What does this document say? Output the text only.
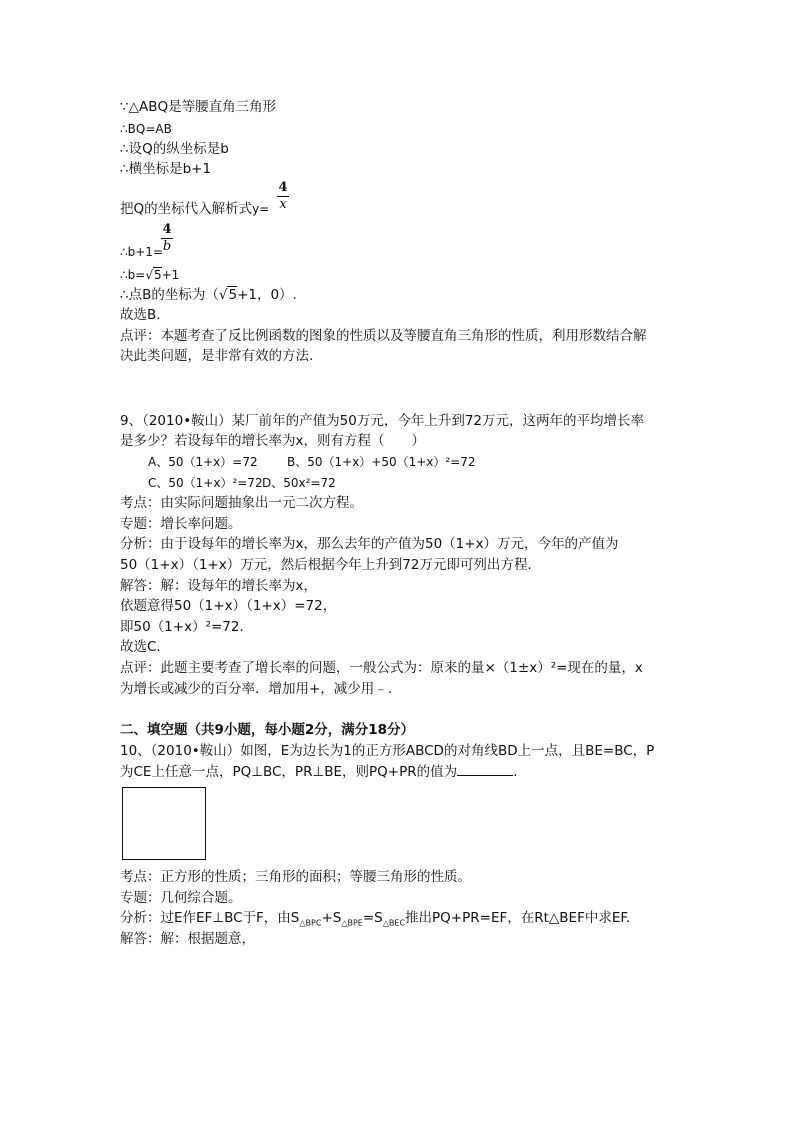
∵△ABQ是等腰直角三角形
∴BQ=AB
∴设Q的纵坐标是b
∴横坐标是b+1
把Q的坐标代入解析式y=
4
x
∴b+1=
4
b
∴b=√5+1
∴点B的坐标为（√5+1，0）.
故选B.
点评：本题考查了反比例函数的图象的性质以及等腰直角三角形的性质，利用形数结合解
决此类问题，是非常有效的方法.
9、（2010•鞍山）某厂前年的产值为50万元，今年上升到72万元，这两年的平均增长率
是多少？若设每年的增长率为x，则有方程（　　）
A、50（1+x）=72 B、50（1+x）+50（1+x）²=72
C、50（1+x）²=72 D、50x²=72
考点：由实际问题抽象出一元二次方程。
专题：增长率问题。
分析：由于设每年的增长率为x，那么去年的产值为50（1+x）万元，今年的产值为
50（1+x）（1+x）万元，然后根据今年上升到72万元即可列出方程.
解答：解：设每年的增长率为x，
依题意得50（1+x）（1+x）=72，
即50（1+x）²=72.
故选C.
点评：此题主要考查了增长率的问题，一般公式为：原来的量×（1±x）²=现在的量，x
为增长或减少的百分率．增加用+，减少用﹣.
二、填空题（共9小题，每小题2分，满分18分）
10、（2010•鞍山）如图，E为边长为1的正方形ABCD的对角线BD上一点，且BE=BC，P
为CE上任意一点，PQ⊥BC，PR⊥BE，则PQ+PR的值为	.
考点：正方形的性质；三角形的面积；等腰三角形的性质。
专题：几何综合题。
分析：过E作EF⊥BC于F，由$S_{\triangle BPC}+S_{\triangle BPE}=S_{\triangle BEC}$推出PQ+PR=EF，在Rt△BEF中求EF.
解答：解：根据题意，
